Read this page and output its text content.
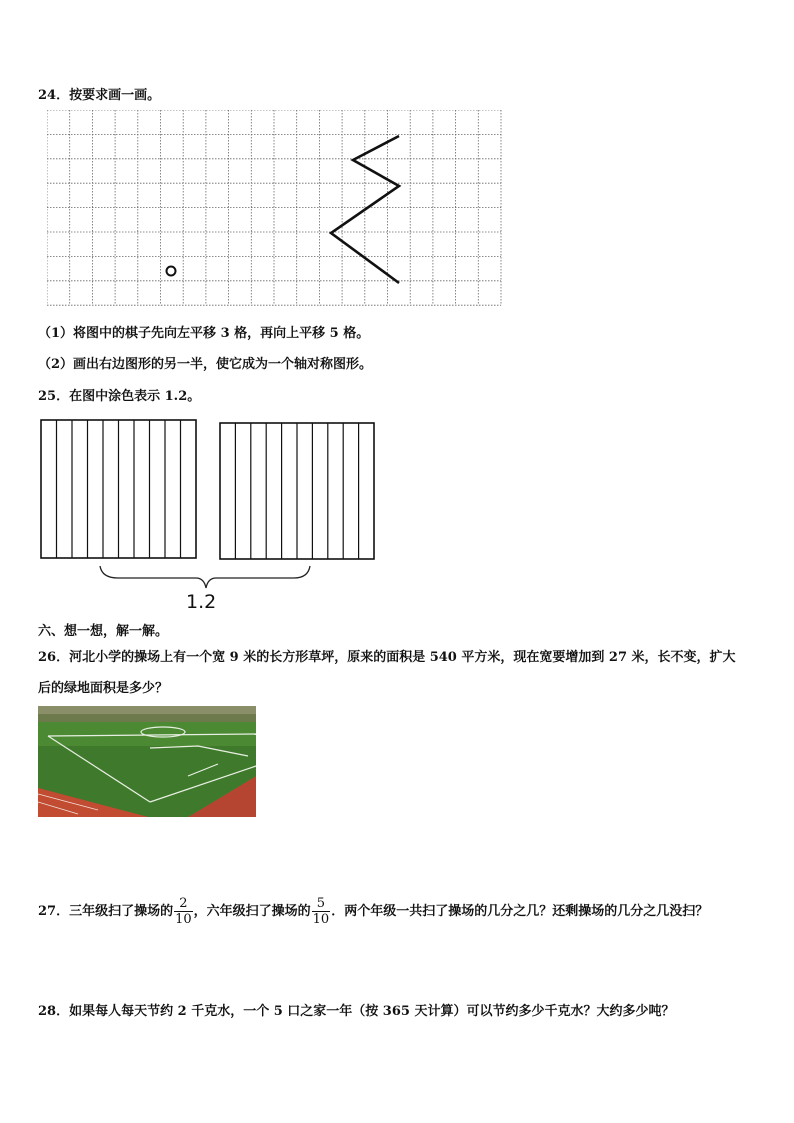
24．按要求画一画。
（1）将图中的棋子先向左平移 3 格，再向上平移 5 格。
（2）画出右边图形的另一半，使它成为一个轴对称图形。
25．在图中涂色表示 1.2。
1.2
六、想一想，解一解。
26．河北小学的操场上有一个宽 9 米的长方形草坪，原来的面积是 540 平方米，现在宽要增加到 27 米，长不变，扩大
后的绿地面积是多少？
27．三年级扫了操场的 $\frac{2}{10}$ ，六年级扫了操场的 $\frac{5}{10}$ ．两个年级一共扫了操场的几分之几？还剩操场的几分之几没扫？
28．如果每人每天节约 2 千克水，一个 5 口之家一年（按 365 天计算）可以节约多少千克水？大约多少吨？
